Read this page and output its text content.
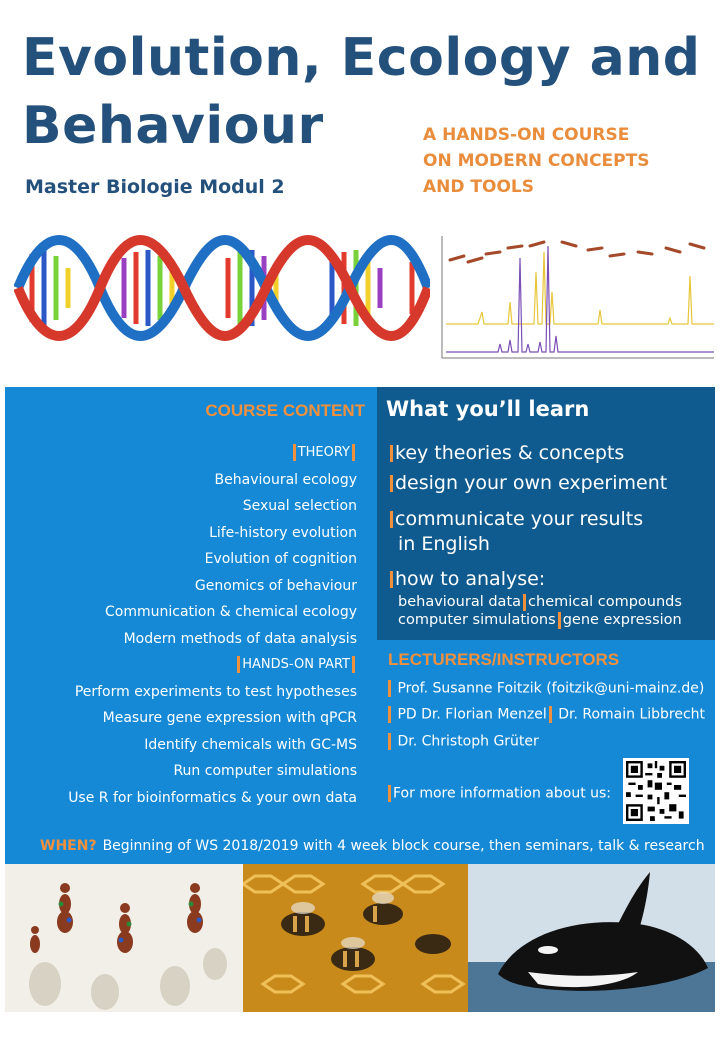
Evolution, Ecology and Behaviour
Master Biologie Modul 2
A HANDS-ON COURSE
ON MODERN CONCEPTS
AND TOOLS
COURSE CONTENT
THEORY
Behavioural ecology
Sexual selection
Life-history evolution
Evolution of cognition
Genomics of behaviour
Communication & chemical ecology
Modern methods of data analysis
HANDS-ON PART
Perform experiments to test hypotheses
Measure gene expression with qPCR
Identify chemicals with GC-MS
Run computer simulations
Use R for bioinformatics & your own data
What you’ll learn
key theories & concepts
design your own experiment
communicate your results
in English
how to analyse:
behavioural data chemical compounds
computer simulations gene expression
LECTURERS/INSTRUCTORS
Prof. Susanne Foitzik (foitzik@uni-mainz.de)
PD Dr. Florian Menzel Dr. Romain Libbrecht
Dr. Christoph Grüter
For more information about us:
WHEN? Beginning of WS 2018/2019 with 4 week block course, then seminars, talk & research
